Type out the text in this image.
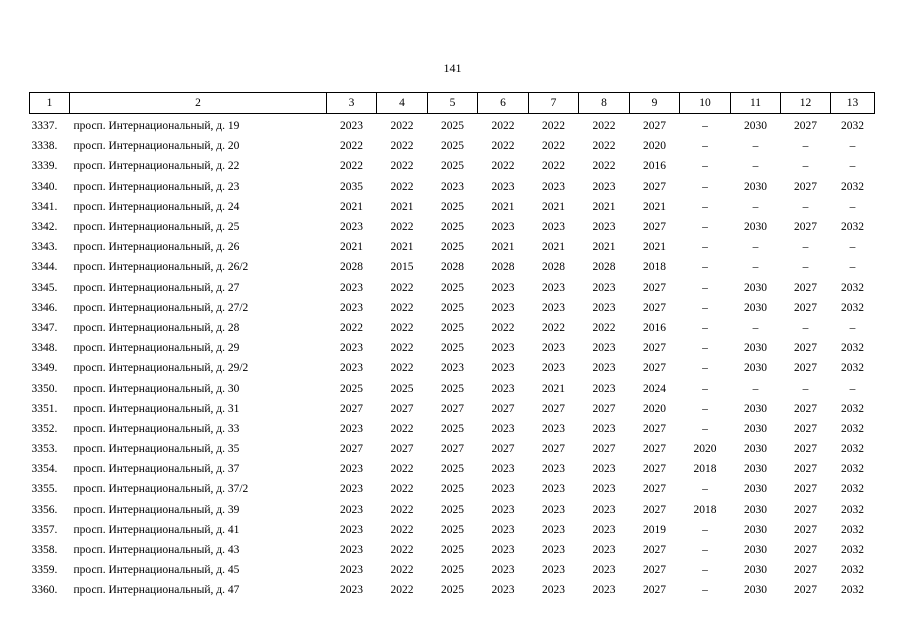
141
1	2	3	4	5	6	7	8	9	10	11	12	13
3337.	просп. Интернациональный, д. 19	2023	2022	2025	2022	2022	2022	2027	–	2030	2027	2032
3338.	просп. Интернациональный, д. 20	2022	2022	2025	2022	2022	2022	2020	–	–	–	–
3339.	просп. Интернациональный, д. 22	2022	2022	2025	2022	2022	2022	2016	–	–	–	–
3340.	просп. Интернациональный, д. 23	2035	2022	2023	2023	2023	2023	2027	–	2030	2027	2032
3341.	просп. Интернациональный, д. 24	2021	2021	2025	2021	2021	2021	2021	–	–	–	–
3342.	просп. Интернациональный, д. 25	2023	2022	2025	2023	2023	2023	2027	–	2030	2027	2032
3343.	просп. Интернациональный, д. 26	2021	2021	2025	2021	2021	2021	2021	–	–	–	–
3344.	просп. Интернациональный, д. 26/2	2028	2015	2028	2028	2028	2028	2018	–	–	–	–
3345.	просп. Интернациональный, д. 27	2023	2022	2025	2023	2023	2023	2027	–	2030	2027	2032
3346.	просп. Интернациональный, д. 27/2	2023	2022	2025	2023	2023	2023	2027	–	2030	2027	2032
3347.	просп. Интернациональный, д. 28	2022	2022	2025	2022	2022	2022	2016	–	–	–	–
3348.	просп. Интернациональный, д. 29	2023	2022	2025	2023	2023	2023	2027	–	2030	2027	2032
3349.	просп. Интернациональный, д. 29/2	2023	2022	2023	2023	2023	2023	2027	–	2030	2027	2032
3350.	просп. Интернациональный, д. 30	2025	2025	2025	2023	2021	2023	2024	–	–	–	–
3351.	просп. Интернациональный, д. 31	2027	2027	2027	2027	2027	2027	2020	–	2030	2027	2032
3352.	просп. Интернациональный, д. 33	2023	2022	2025	2023	2023	2023	2027	–	2030	2027	2032
3353.	просп. Интернациональный, д. 35	2027	2027	2027	2027	2027	2027	2027	2020	2030	2027	2032
3354.	просп. Интернациональный, д. 37	2023	2022	2025	2023	2023	2023	2027	2018	2030	2027	2032
3355.	просп. Интернациональный, д. 37/2	2023	2022	2025	2023	2023	2023	2027	–	2030	2027	2032
3356.	просп. Интернациональный, д. 39	2023	2022	2025	2023	2023	2023	2027	2018	2030	2027	2032
3357.	просп. Интернациональный, д. 41	2023	2022	2025	2023	2023	2023	2019	–	2030	2027	2032
3358.	просп. Интернациональный, д. 43	2023	2022	2025	2023	2023	2023	2027	–	2030	2027	2032
3359.	просп. Интернациональный, д. 45	2023	2022	2025	2023	2023	2023	2027	–	2030	2027	2032
3360.	просп. Интернациональный, д. 47	2023	2022	2025	2023	2023	2023	2027	–	2030	2027	2032
